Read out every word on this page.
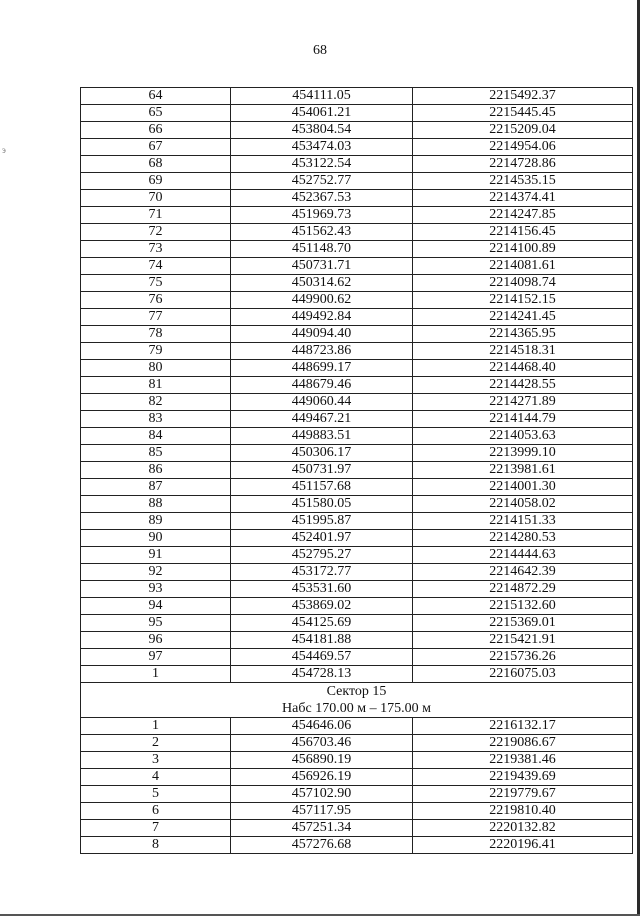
68
э
64	454111.05	2215492.37
65	454061.21	2215445.45
66	453804.54	2215209.04
67	453474.03	2214954.06
68	453122.54	2214728.86
69	452752.77	2214535.15
70	452367.53	2214374.41
71	451969.73	2214247.85
72	451562.43	2214156.45
73	451148.70	2214100.89
74	450731.71	2214081.61
75	450314.62	2214098.74
76	449900.62	2214152.15
77	449492.84	2214241.45
78	449094.40	2214365.95
79	448723.86	2214518.31
80	448699.17	2214468.40
81	448679.46	2214428.55
82	449060.44	2214271.89
83	449467.21	2214144.79
84	449883.51	2214053.63
85	450306.17	2213999.10
86	450731.97	2213981.61
87	451157.68	2214001.30
88	451580.05	2214058.02
89	451995.87	2214151.33
90	452401.97	2214280.53
91	452795.27	2214444.63
92	453172.77	2214642.39
93	453531.60	2214872.29
94	453869.02	2215132.60
95	454125.69	2215369.01
96	454181.88	2215421.91
97	454469.57	2215736.26
1	454728.13	2216075.03
Сектор 15
Набс 170.00 м – 175.00 м		
1	454646.06	2216132.17
2	456703.46	2219086.67
3	456890.19	2219381.46
4	456926.19	2219439.69
5	457102.90	2219779.67
6	457117.95	2219810.40
7	457251.34	2220132.82
8	457276.68	2220196.41
